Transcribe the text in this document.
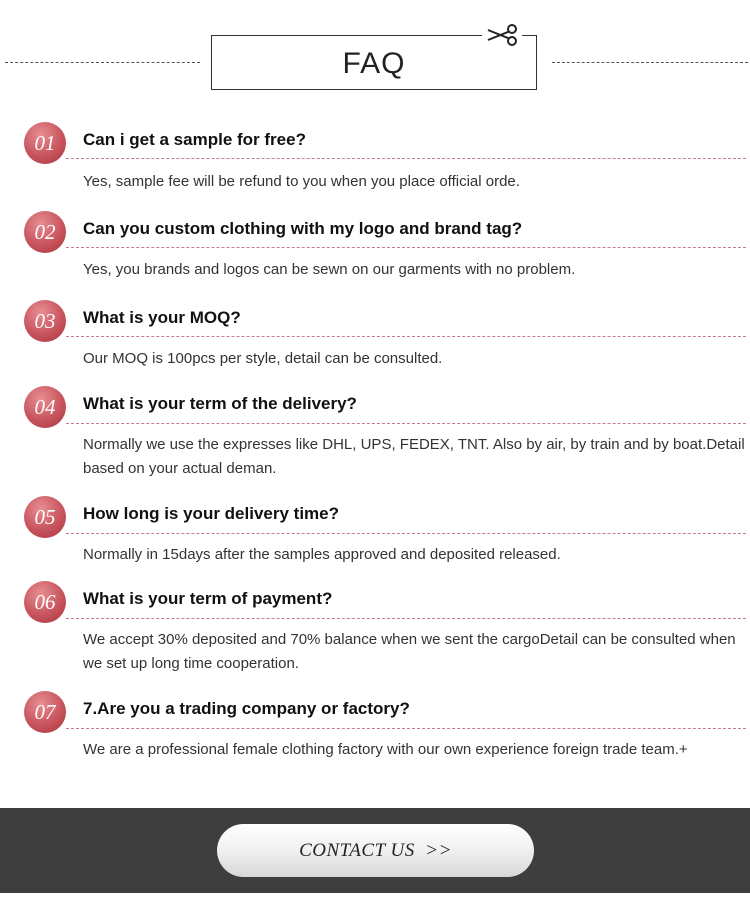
FAQ
01	Can i get a sample for free?
Yes, sample fee will be refund to you when you place official orde.
02	Can you custom clothing with my logo and brand tag?
Yes, you brands and logos can be sewn on our garments with no problem.
03	What is your MOQ?
Our MOQ is 100pcs per style, detail can be consulted.
04	What is your term of the delivery?
Normally we use the expresses like DHL, UPS, FEDEX, TNT. Also by air, by train and by boat.Detail based on your actual deman.
05	How long is your delivery time?
Normally in 15days after the samples approved and deposited released.
06	What is your term of payment?
We accept 30% deposited and 70% balance when we sent the cargoDetail can be consulted when we set up long time cooperation.
07	7.Are you a trading company or factory?
We are a professional female clothing factory with our own experience foreign trade team.+
CONTACT US  >>
